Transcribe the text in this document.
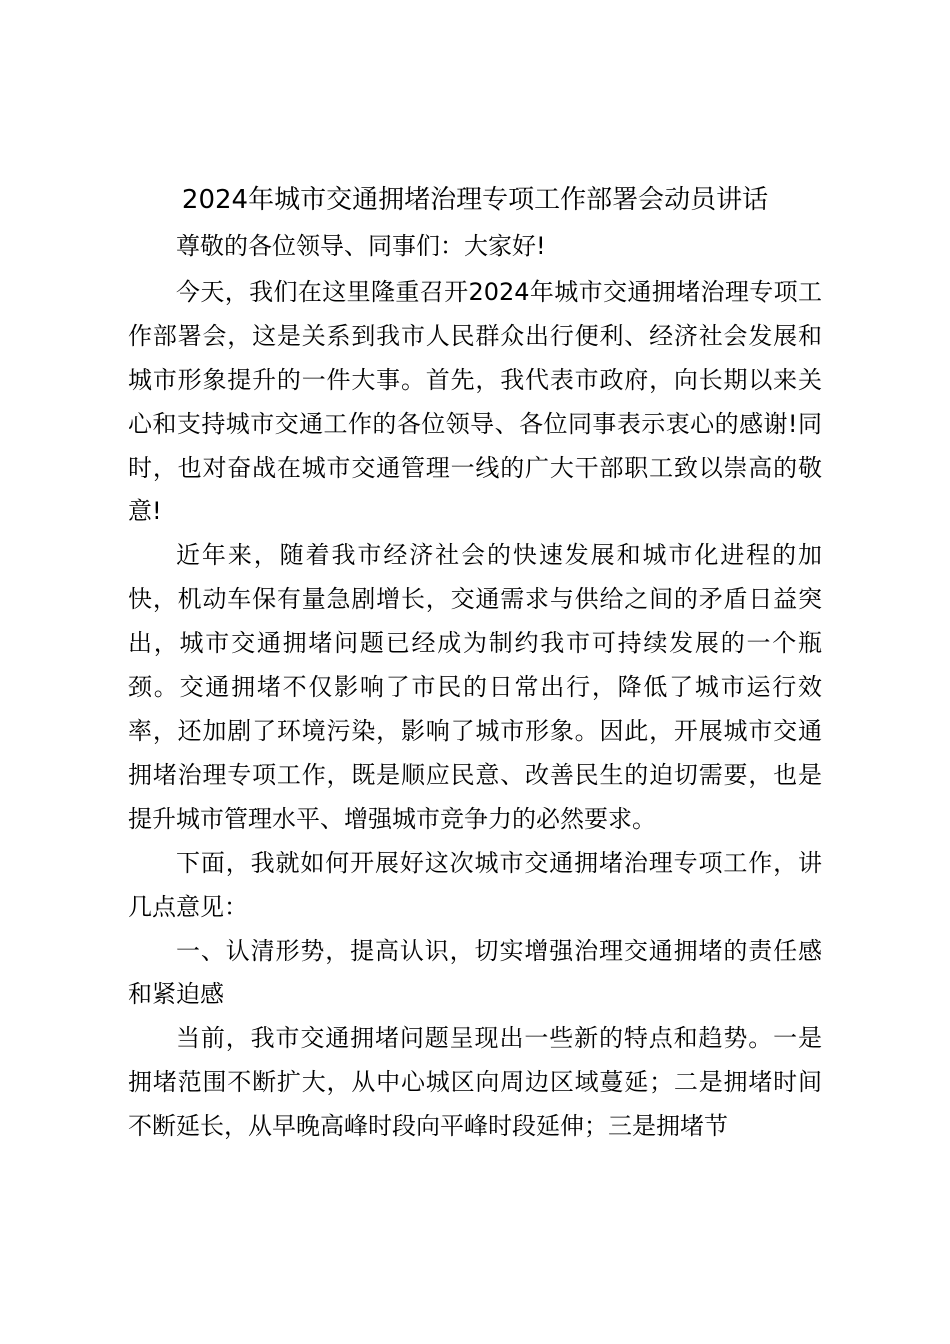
2024年城市交通拥堵治理专项工作部署会动员讲话

尊敬的各位领导、同事们：大家好!

今天，我们在这里隆重召开2024年城市交通拥堵治理专项工作部署会，这是关系到我市人民群众出行便利、经济社会发展和城市形象提升的一件大事。首先，我代表市政府，向长期以来关心和支持城市交通工作的各位领导、各位同事表示衷心的感谢!同时，也对奋战在城市交通管理一线的广大干部职工致以崇高的敬意!

近年来，随着我市经济社会的快速发展和城市化进程的加快，机动车保有量急剧增长，交通需求与供给之间的矛盾日益突出，城市交通拥堵问题已经成为制约我市可持续发展的一个瓶颈。交通拥堵不仅影响了市民的日常出行，降低了城市运行效率，还加剧了环境污染，影响了城市形象。因此，开展城市交通拥堵治理专项工作，既是顺应民意、改善民生的迫切需要，也是提升城市管理水平、增强城市竞争力的必然要求。

下面，我就如何开展好这次城市交通拥堵治理专项工作，讲几点意见：

一、认清形势，提高认识，切实增强治理交通拥堵的责任感和紧迫感

当前，我市交通拥堵问题呈现出一些新的特点和趋势。一是拥堵范围不断扩大，从中心城区向周边区域蔓延；二是拥堵时间不断延长，从早晚高峰时段向平峰时段延伸；三是拥堵节
